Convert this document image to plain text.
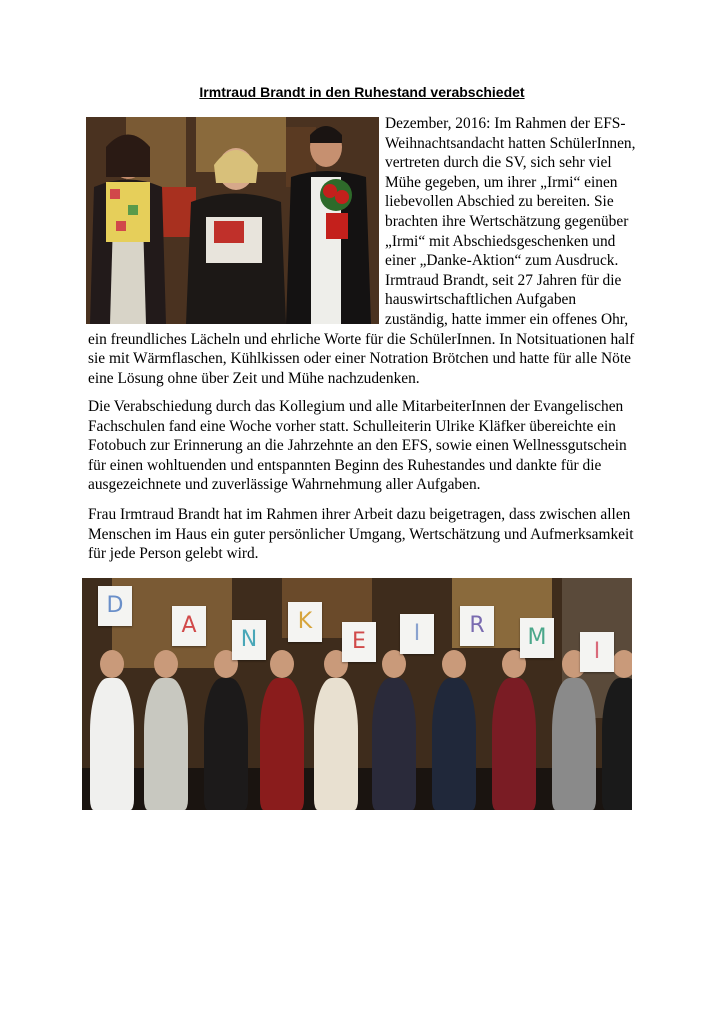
Irmtraud Brandt in den Ruhestand verabschiedet
Dezember, 2016: Im Rahmen der EFS-Weihnachtsandacht hatten SchülerInnen, vertreten durch die SV, sich sehr viel Mühe gegeben, um ihrer „Irmi“ einen liebevollen Abschied zu bereiten. Sie brachten ihre Wertschätzung gegenüber „Irmi“ mit Abschiedsgeschenken und einer „Danke-Aktion“ zum Ausdruck. Irmtraud Brandt, seit 27 Jahren für die hauswirtschaftlichen Aufgaben zuständig, hatte immer ein offenes Ohr, ein freundliches Lächeln und ehrliche Worte für die SchülerInnen. In Notsituationen half sie mit Wärmflaschen, Kühlkissen oder einer Notration Brötchen und hatte für alle Nöte eine Lösung ohne über Zeit und Mühe nachzudenken.
Die Verabschiedung durch das Kollegium und alle MitarbeiterInnen der Evangelischen Fachschulen fand eine Woche vorher statt. Schulleiterin Ulrike Kläfker übereichte ein Fotobuch zur Erinnerung an die Jahrzehnte an den EFS, sowie einen Wellnessgutschein für einen wohltuenden und entspannten Beginn des Ruhestandes und dankte für die ausgezeichnete und zuverlässige Wahrnehmung aller Aufgaben.
Frau Irmtraud Brandt hat im Rahmen ihrer Arbeit dazu beigetragen, dass zwischen allen Menschen im Haus ein guter persönlicher Umgang, Wertschätzung und Aufmerksamkeit für jede Person gelebt wird.
D
A
N
K
E	I	R	M
I
